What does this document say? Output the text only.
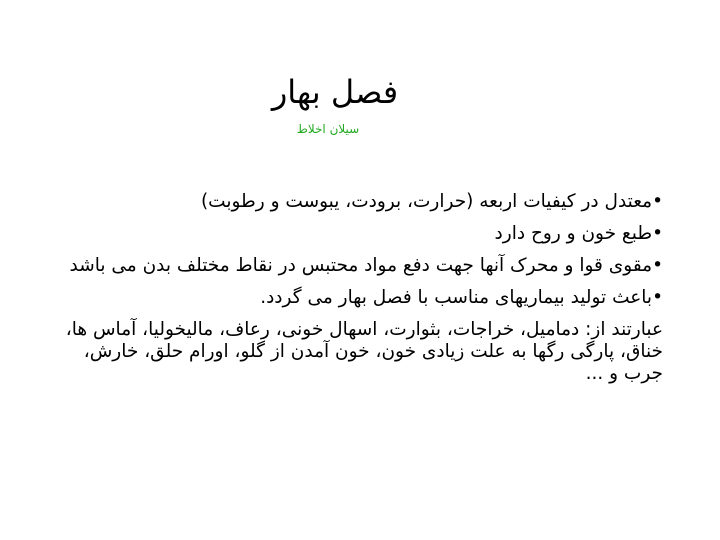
فصل بهار
سیلان اخلاط

•معتدل در کیفیات اربعه (حرارت، برودت، یبوست و رطوبت)

•طبع خون و روح دارد

•مقوی قوا و محرک آنها جهت دفع مواد محتبس در نقاط مختلف بدن می باشد

•باعث تولید بیماریهای مناسب با فصل بهار می گردد.

عبارتند از: دمامیل، خراجات، بثوارت، اسهال خونی، رعاف، مالیخولیا، آماس ها، خناق، پارگی رگها به علت زیادی خون، خون آمدن از گلو، اورام حلق، خارش، جرب و ...
